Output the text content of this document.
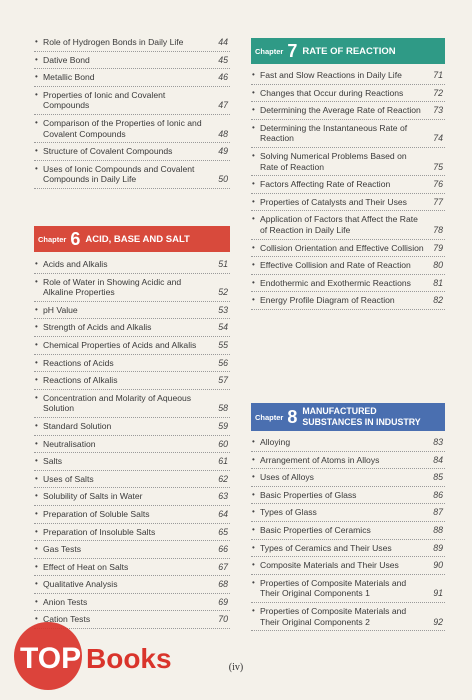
• Role of Hydrogen Bonds in Daily Life	44
• Dative Bond	45
• Metallic Bond	46
• Properties of Ionic and Covalent Compounds	47
• Comparison of the Properties of Ionic and Covalent Compounds	48
• Structure of Covalent Compounds	49
• Uses of Ionic Compounds and Covalent Compounds in Daily Life	50
Chapter 6 ACID, BASE AND SALT
• Acids and Alkalis	51
• Role of Water in Showing Acidic and Alkaline Properties	52
• pH Value	53
• Strength of Acids and Alkalis	54
• Chemical Properties of Acids and Alkalis 55
• Reactions of Acids	56
• Reactions of Alkalis	57
• Concentration and Molarity of Aqueous Solution	58
• Standard Solution	59
• Neutralisation	60
• Salts	61
• Uses of Salts	62
• Solubility of Salts in Water	63
• Preparation of Soluble Salts	64
• Preparation of Insoluble Salts	65
• Gas Tests	66
• Effect of Heat on Salts	67
• Qualitative Analysis	68
• Anion Tests	69
• Cation Tests	70
Chapter 7 RATE OF REACTION
• Fast and Slow Reactions in Daily Life	71
• Changes that Occur during Reactions	72
• Determining the Average Rate of Reaction 73
• Determining the Instantaneous Rate of Reaction	74
• Solving Numerical Problems Based on Rate of Reaction	75
• Factors Affecting Rate of Reaction	76
• Properties of Catalysts and Their Uses	77
• Application of Factors that Affect the Rate of Reaction in Daily Life	78
• Collision Orientation and Effective Collision 79
• Effective Collision and Rate of Reaction	80
• Endothermic and Exothermic Reactions	81
• Energy Profile Diagram of Reaction	82
Chapter 8 MANUFACTURED
SUBSTANCES IN INDUSTRY
• Alloying	83
• Arrangement of Atoms in Alloys	84
• Uses of Alloys	85
• Basic Properties of Glass	86
• Types of Glass	87
• Basic Properties of Ceramics	88
• Types of Ceramics and Their Uses	89
• Composite Materials and Their Uses	90
• Properties of Composite Materials and Their Original Components 1	91
• Properties of Composite Materials and Their Original Components 2	92
(iv)
TOP Books
